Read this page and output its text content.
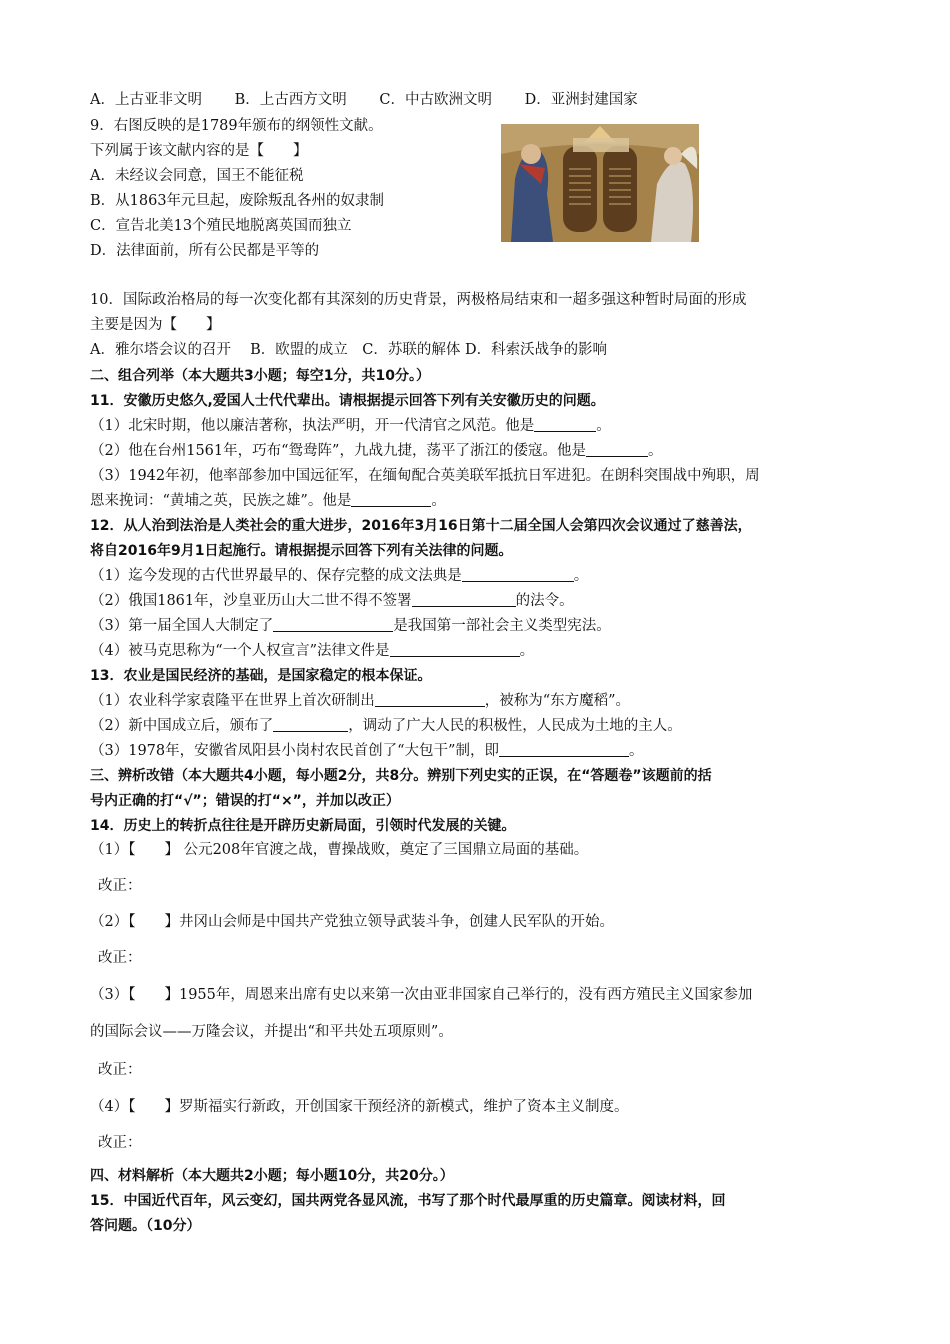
A．上古亚非文明 B．上古西方文明 C．中古欧洲文明 D．亚洲封建国家
9．右图反映的是1789年颁布的纲领性文献。
下列属于该文献内容的是【　　】
A．未经议会同意，国王不能征税
B．从1863年元旦起，废除叛乱各州的奴隶制
C．宣告北美13个殖民地脱离英国而独立
D．法律面前，所有公民都是平等的
10．国际政治格局的每一次变化都有其深刻的历史背景，两极格局结束和一超多强这种暂时局面的形成
主要是因为【　　】
A．雅尔塔会议的召开　 B．欧盟的成立　C．苏联的解体 D．科索沃战争的影响
二、组合列举（本大题共3小题；每空1分，共10分。）
11．安徽历史悠久,爱国人士代代辈出。请根据提示回答下列有关安徽历史的问题。
（1）北宋时期，他以廉洁著称，执法严明，开一代清官之风范。他是	。
（2）他在台州1561年，巧布“鸳鸯阵”，九战九捷，荡平了浙江的倭寇。他是	。
（3）1942年初，他率部参加中国远征军，在缅甸配合英美联军抵抗日军进犯。在朗科突围战中殉职，周
恩来挽词：“黄埔之英，民族之雄”。他是	。
12．从人治到法治是人类社会的重大进步，2016年3月16日第十二届全国人会第四次会议通过了慈善法，
将自2016年9月1日起施行。请根据提示回答下列有关法律的问题。
（1）迄今发现的古代世界最早的、保存完整的成文法典是	。
（2）俄国1861年，沙皇亚历山大二世不得不签署	的法令。
（3）第一届全国人大制定了	是我国第一部社会主义类型宪法。
（4）被马克思称为“一个人权宣言”法律文件是	。
13．农业是国民经济的基础，是国家稳定的根本保证。
（1）农业科学家袁隆平在世界上首次研制出	，被称为“东方魔稻”。
（2）新中国成立后，颁布了	，调动了广大人民的积极性，人民成为土地的主人。
（3）1978年，安徽省凤阳县小岗村农民首创了“大包干”制，即	。
三、辨析改错（本大题共4小题，每小题2分，共8分。辨别下列史实的正误，在“答题卷”该题前的括
号内正确的打“√”；错误的打“×”，并加以改正）
14．历史上的转折点往往是开辟历史新局面，引领时代发展的关键。
（1）【　　】 公元208年官渡之战，曹操战败，奠定了三国鼎立局面的基础。
改正：
（2）【　　】井冈山会师是中国共产党独立领导武装斗争，创建人民军队的开始。
改正：
（3）【　　】1955年，周恩来出席有史以来第一次由亚非国家自己举行的，没有西方殖民主义国家参加
的国际会议——万隆会议，并提出“和平共处五项原则”。
改正：
（4）【　　】罗斯福实行新政，开创国家干预经济的新模式，维护了资本主义制度。
改正：
四、材料解析（本大题共2小题；每小题10分，共20分。）
15．中国近代百年，风云变幻，国共两党各显风流，书写了那个时代最厚重的历史篇章。阅读材料，回
答问题。（10分）
